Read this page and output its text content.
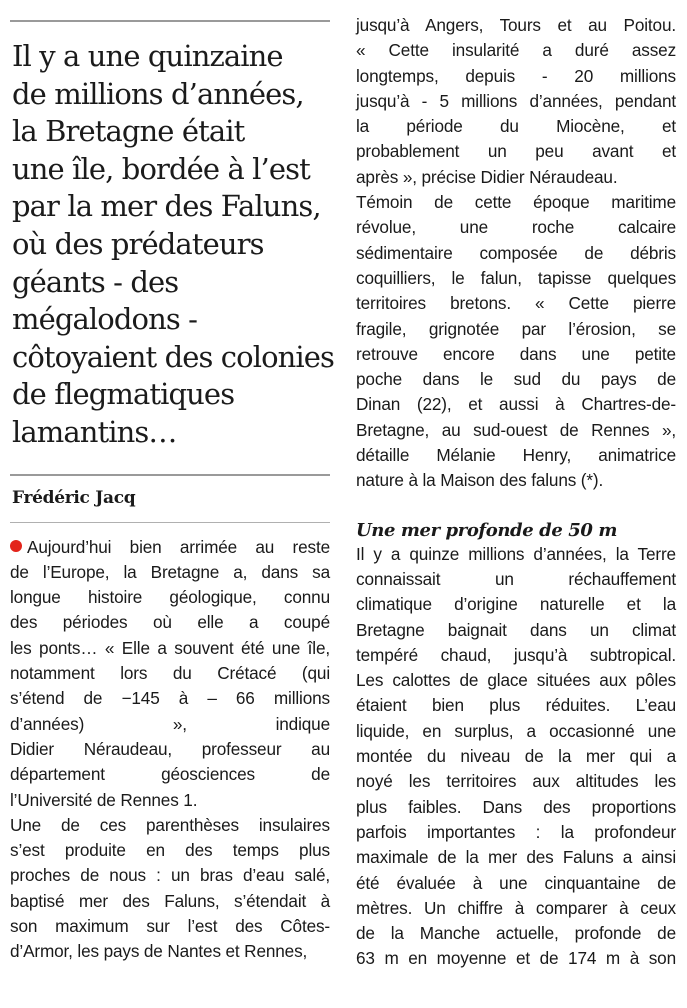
Il y a une quinzaine
de millions d’années,
la Bretagne était
une île, bordée à l’est
par la mer des Faluns,
où des prédateurs
géants - des
mégalodons -
côtoyaient des colonies
de flegmatiques
lamantins…
Frédéric Jacq
Aujourd’hui bien arrimée au reste
de l’Europe, la Bretagne a, dans sa
longue histoire géologique, connu
des périodes où elle a coupé
les ponts… « Elle a souvent été une île,
notamment lors du Crétacé (qui
s’étend de −145 à – 66 millions
d’années) », indique
Didier Néraudeau, professeur au
département géosciences de
l’Université de Rennes 1.
Une de ces parenthèses insulaires
s’est produite en des temps plus
proches de nous : un bras d’eau salé,
baptisé mer des Faluns, s’étendait à
son maximum sur l’est des Côtes-
d’Armor, les pays de Nantes et Rennes,
jusqu’à Angers, Tours et au Poitou.
« Cette insularité a duré assez
longtemps, depuis - 20 millions
jusqu’à - 5 millions d’années, pendant
la période du Miocène, et
probablement un peu avant et
après », précise Didier Néraudeau.
Témoin de cette époque maritime
révolue, une roche calcaire
sédimentaire composée de débris
coquilliers, le falun, tapisse quelques
territoires bretons. « Cette pierre
fragile, grignotée par l’érosion, se
retrouve encore dans une petite
poche dans le sud du pays de
Dinan (22), et aussi à Chartres-de-
Bretagne, au sud-ouest de Rennes »,
détaille Mélanie Henry, animatrice
nature à la Maison des faluns (*).
Une mer profonde de 50 m
Il y a quinze millions d’années, la Terre
connaissait un réchauffement
climatique d’origine naturelle et la
Bretagne baignait dans un climat
tempéré chaud, jusqu’à subtropical.
Les calottes de glace situées aux pôles
étaient bien plus réduites. L’eau
liquide, en surplus, a occasionné une
montée du niveau de la mer qui a
noyé les territoires aux altitudes les
plus faibles. Dans des proportions
parfois importantes : la profondeur
maximale de la mer des Faluns a ainsi
été évaluée à une cinquantaine de
mètres. Un chiffre à comparer à ceux
de la Manche actuelle, profonde de
63 m en moyenne et de 174 m à son
